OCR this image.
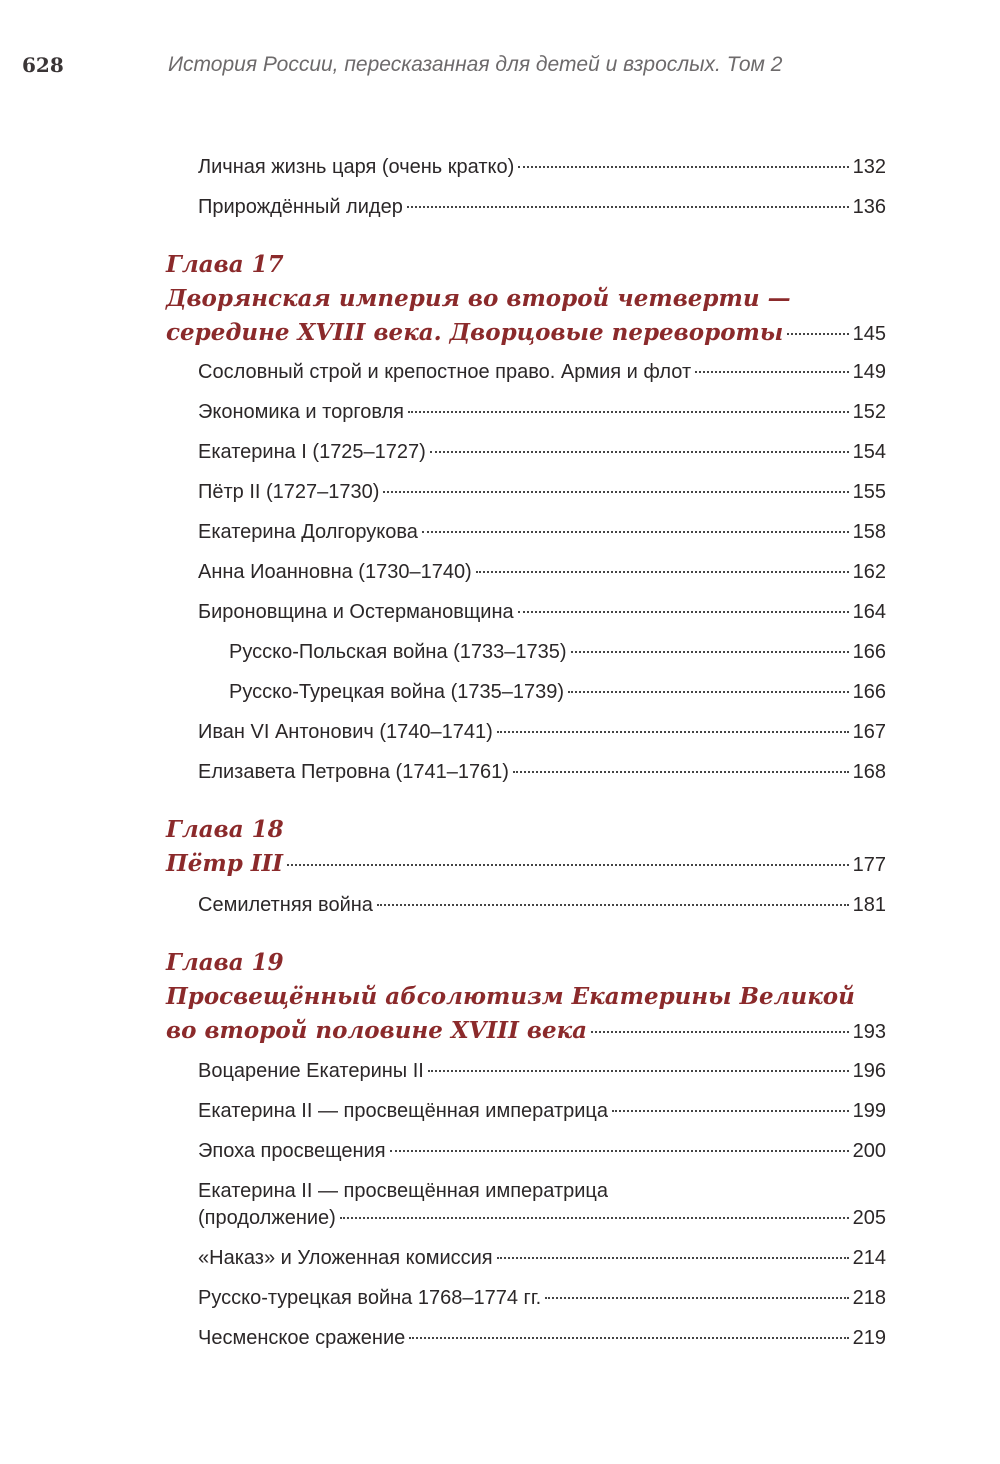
628	История России, пересказанная для детей и взрослых. Том 2
Личная жизнь царя (очень кратко)	132
Прирождённый лидер	136
Глава 17
Дворянская империя во второй четверти —
середине XVIII века. Дворцовые перевороты	145
Сословный строй и крепостное право. Армия и флот	149
Экономика и торговля	152
Екатерина I (1725–1727)	154
Пётр II (1727–1730)	155
Екатерина Долгорукова	158
Анна Иоанновна (1730–1740)	162
Бироновщина и Остермановщина	164
Русско-Польская война (1733–1735)	166
Русско-Турецкая война (1735–1739)	166
Иван VI Антонович (1740–1741)	167
Елизавета Петровна (1741–1761)	168
Глава 18
Пётр III	177
Семилетняя война	181
Глава 19
Просвещённый абсолютизм Екатерины Великой
во второй половине XVIII века	193
Воцарение Екатерины II	196
Екатерина II — просвещённая императрица	199
Эпоха просвещения	200
Екатерина II — просвещённая императрица
(продолжение)	205
«Наказ» и Уложенная комиссия	214
Русско-турецкая война 1768–1774 гг.	218
Чесменское сражение	219
